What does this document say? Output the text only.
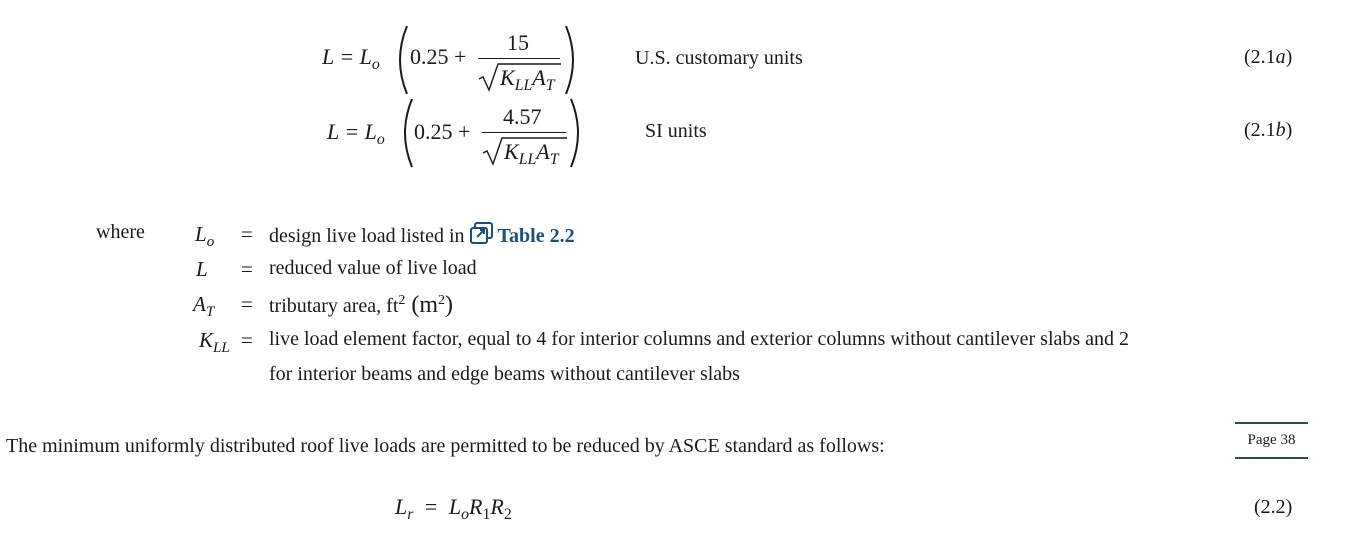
$L = L_o$ 0.25 +
15
$K_{LL}A_T$
U.S. customary units	(2.1a)
$L = L_o$ 0.25 +
4.57
$K_{LL}A_T$
SI units	(2.1b)
where $L_o$ = design live load listed in Table 2.2
L = reduced value of live load
$A_T$ = tributary area, $ft^2$ $(m^2)$
$K_{LL}$ = live load element factor, equal to 4 for interior columns and exterior columns without cantilever slabs and 2
for interior beams and edge beams without cantilever slabs
The minimum uniformly distributed roof live loads are permitted to be reduced by ASCE standard as follows:	Page 38
$L_r = L_oR_1R_2$	(2.2)
